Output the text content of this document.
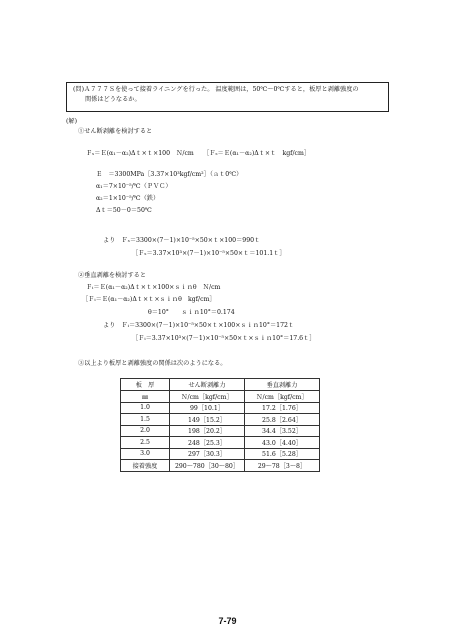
(問)Ａ７７７Ｓを使って接着ライニングを行った。 温度範囲は，50℃～0℃すると，板厚と剥離強度の
関係はどうなるか。
(解)
①せん断剥離を検討すると
Ｆₛ＝Ｅ(α₁－α₂)Δｔ×ｔ×100　Ｎ/cm　　［Ｆₛ＝Ｅ(α₁－α₂)Δｔ×ｔ　kgf/cm］
Ｅ　＝3300MPa［3.37×10³kgf/cm²］（ａｔ0℃）
α₁＝7×10⁻⁵/℃（ＰＶＣ）
α₂＝1×10⁻⁵/℃（鉄）
Δｔ＝50－0＝50℃
より　Ｆₛ＝3300×(7－1)×10⁻⁵×50×ｔ×100＝990ｔ
［Ｆₛ＝3.37×10³×(7－1)×10⁻⁵×50×ｔ＝101.1ｔ］
②垂直剥離を検討すると
Ｆᵢ＝Ｅ(α₁－α₂)Δｔ×ｔ×100×ｓｉｎθ　Ｎ/cm
［Ｆᵢ＝Ｅ(α₁－α₂)Δｔ×ｔ×ｓｉｎθ　kgf/cm］
θ＝10°　　ｓｉｎ10°＝0.174
より　Ｆᵢ＝3300×(7－1)×10⁻⁵×50×ｔ×100×ｓｉｎ10°＝172ｔ
［Ｆᵢ＝3.37×10³×(7－1)×10⁻⁵×50×ｔ×ｓｉｎ10°＝17.6ｔ］
③以上より板厚と剥離強度の関係は次のようになる。
板　厚	せん断剥離力	垂直剥離力
㎜	Ｎ/cm［kgf/cm］	Ｎ/cm［kgf/cm］
1.0	99［10.1］	17.2［1.76］
1.5	149［15.2］	25.8［2.64］
2.0	198［20.2］	34.4［3.52］
2.5	248［25.3］	43.0［4.40］
3.0	297［30.3］	51.6［5.28］
接着強度	290～780［30～80］	29～78［3～8］
7-79
